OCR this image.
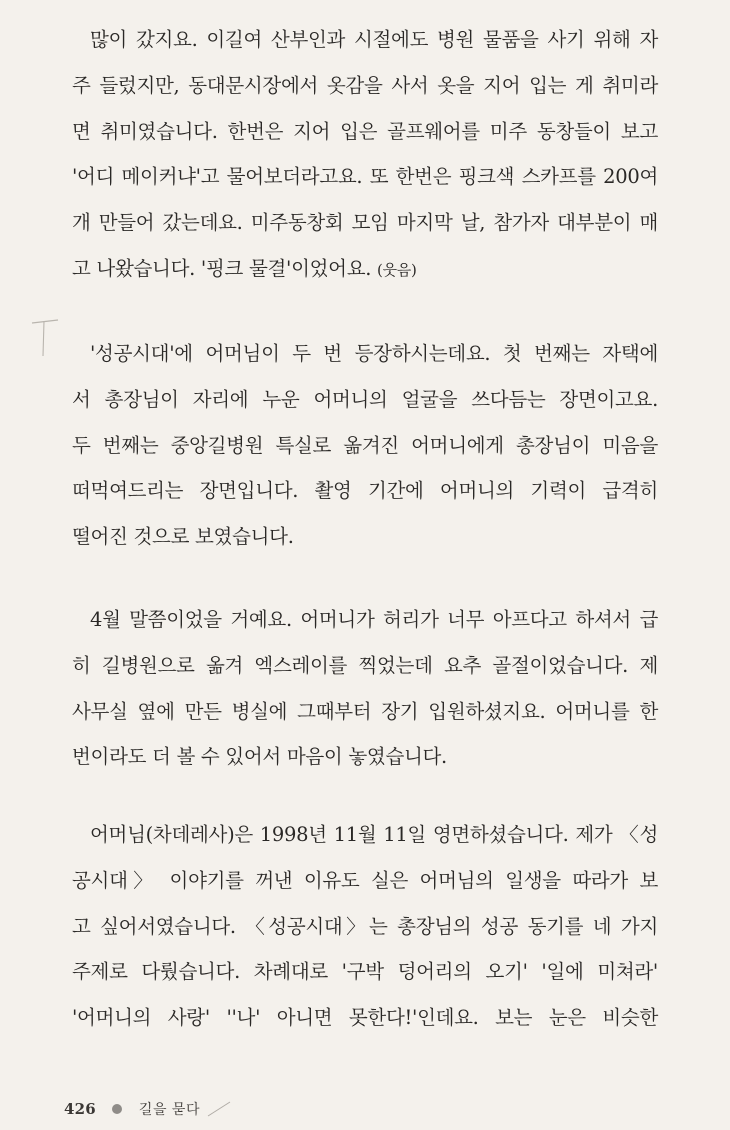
많이 갔지요. 이길여 산부인과 시절에도 병원 물품을 사기 위해 자
주 들렀지만, 동대문시장에서 옷감을 사서 옷을 지어 입는 게 취미라
면 취미였습니다. 한번은 지어 입은 골프웨어를 미주 동창들이 보고
'어디 메이커냐'고 물어보더라고요. 또 한번은 핑크색 스카프를 200여
개 만들어 갔는데요. 미주동창회 모임 마지막 날, 참가자 대부분이 매
고 나왔습니다. '핑크 물결'이었어요. (웃음)
'성공시대'에 어머님이 두 번 등장하시는데요. 첫 번째는 자택에
서 총장님이 자리에 누운 어머니의 얼굴을 쓰다듬는 장면이고요.
두 번째는 중앙길병원 특실로 옮겨진 어머니에게 총장님이 미음을
떠먹여드리는 장면입니다. 촬영 기간에 어머니의 기력이 급격히
떨어진 것으로 보였습니다.
4월 말쯤이었을 거예요. 어머니가 허리가 너무 아프다고 하셔서 급
히 길병원으로 옮겨 엑스레이를 찍었는데 요추 골절이었습니다. 제
사무실 옆에 만든 병실에 그때부터 장기 입원하셨지요. 어머니를 한
번이라도 더 볼 수 있어서 마음이 놓였습니다.
어머님(차데레사)은 1998년 11월 11일 영면하셨습니다. 제가 〈성
공시대〉 이야기를 꺼낸 이유도 실은 어머님의 일생을 따라가 보
고 싶어서였습니다. 〈성공시대〉는 총장님의 성공 동기를 네 가지
주제로 다뤘습니다. 차례대로 '구박 덩어리의 오기' '일에 미쳐라'
'어머니의 사랑' ''나' 아니면 못한다!'인데요. 보는 눈은 비슷한
426	길을 묻다
